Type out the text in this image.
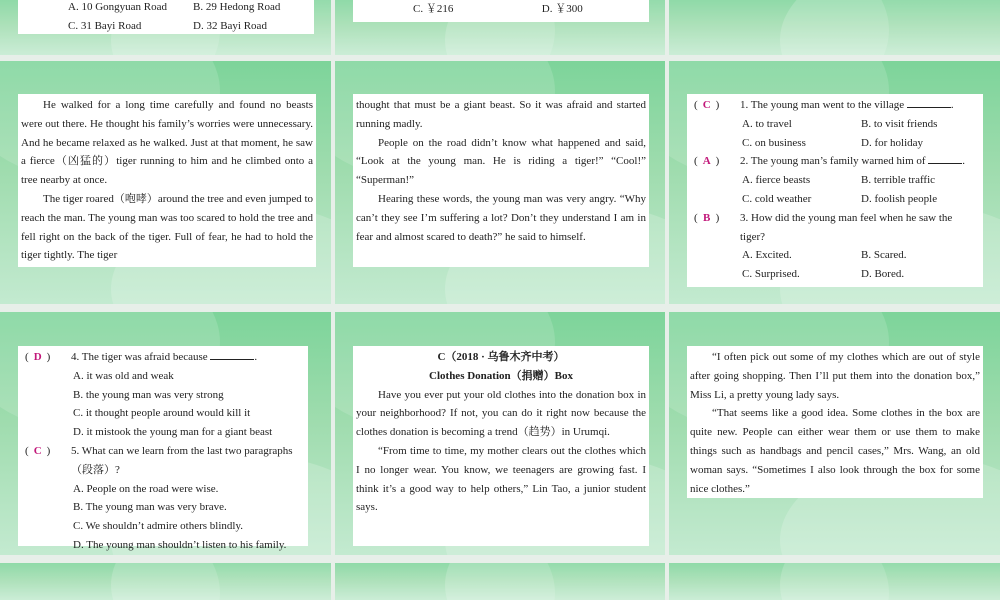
A. 10 Gongyuan Road	B. 29 Hedong Road
C. 31 Bayi Road	D. 32 Bayi Road
C. ￥216	D. ￥300

He walked for a long time carefully and found no beasts were out there. He thought his family’s worries were unnecessary. And he became relaxed as he walked. Just at that moment, he saw a fierce（凶猛的）tiger running to him and he climbed onto a tree nearby at once.

The tiger roared（咆哮）around the tree and even jumped to reach the man. The young man was too scared to hold the tree and fell right on the back of the tiger. Full of fear, he had to hold the tiger tightly. The tiger

thought that must be a giant beast. So it was afraid and started running madly.

People on the road didn’t know what happened and said, “Look at the young man. He is riding a tiger!” “Cool!” “Superman!”

Hearing these words, the young man was very angry. “Why can’t they see I’m suffering a lot? Don’t they understand I am in fear and almost scared to death?” he said to himself.

( C ) 1. The young man went to the village	.
A. to travel	B. to visit friends
C. on business	D. for holiday
( A ) 2. The young man’s family warned him of	.
A. fierce beasts	B. terrible traffic
C. cold weather	D. foolish people
( B ) 3. How did the young man feel when he saw the tiger?
A. Excited.	B. Scared.
C. Surprised.	D. Bored.
( D ) 4. The tiger was afraid because	.
A. it was old and weak
B. the young man was very strong
C. it thought people around would kill it
D. it mistook the young man for a giant beast
( C ) 5. What can we learn from the last two paragraphs（段落）?
A. People on the road were wise.
B. The young man was very brave.
C. We shouldn’t admire others blindly.
D. The young man shouldn’t listen to his family.

C（2018 · 乌鲁木齐中考）

Clothes Donation（捐赠）Box

Have you ever put your old clothes into the donation box in your neighborhood? If not, you can do it right now because the clothes donation is becoming a trend（趋势）in Urumqi.

“From time to time, my mother clears out the clothes which I no longer wear. You know, we teenagers are growing fast. I think it’s a good way to help others,” Lin Tao, a junior student says.

“I often pick out some of my clothes which are out of style after going shopping. Then I’ll put them into the donation box,” Miss Li, a pretty young lady says.

“That seems like a good idea. Some clothes in the box are quite new. People can either wear them or use them to make things such as handbags and pencil cases,” Mrs. Wang, an old woman says. “Sometimes I also look through the box for some nice clothes.”
